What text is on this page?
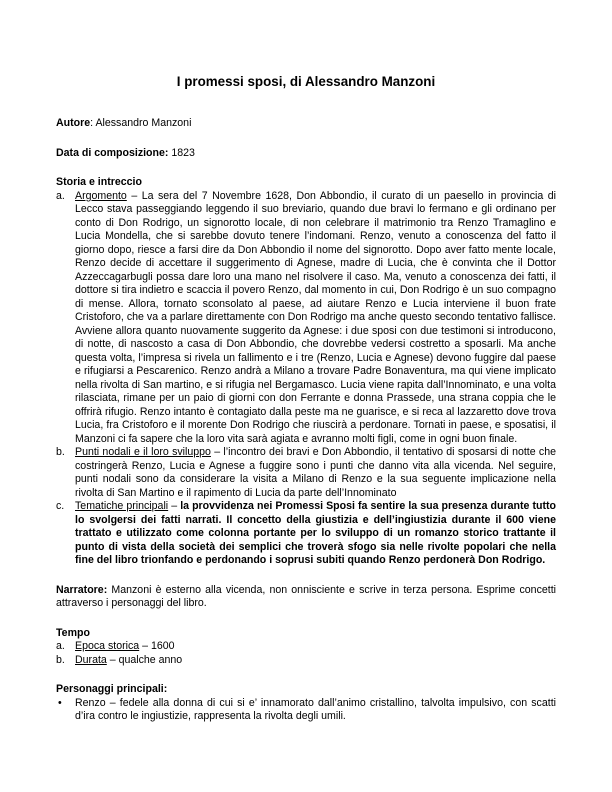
I promessi sposi, di Alessandro Manzoni
Autore: Alessandro Manzoni
Data di composizione: 1823
Storia e intreccio
a. Argomento – La sera del 7 Novembre 1628, Don Abbondio, il curato di un paesello in provincia di Lecco stava passeggiando leggendo il suo breviario, quando due bravi lo fermano e gli ordinano per conto di Don Rodrigo, un signorotto locale, di non celebrare il matrimonio tra Renzo Tramaglino e Lucia Mondella, che si sarebbe dovuto tenere l’indomani. Renzo, venuto a conoscenza del fatto il giorno dopo, riesce a farsi dire da Don Abbondio il nome del signorotto. Dopo aver fatto mente locale, Renzo decide di accettare il suggerimento di Agnese, madre di Lucia, che è convinta che il Dottor Azzeccagarbugli possa dare loro una mano nel risolvere il caso. Ma, venuto a conoscenza dei fatti, il dottore si tira indietro e scaccia il povero Renzo, dal momento in cui, Don Rodrigo è un suo compagno di mense. Allora, tornato sconsolato al paese, ad aiutare Renzo e Lucia interviene il buon frate Cristoforo, che va a parlare direttamente con Don Rodrigo ma anche questo secondo tentativo fallisce. Avviene allora quanto nuovamente suggerito da Agnese: i due sposi con due testimoni si introducono, di notte, di nascosto a casa di Don Abbondio, che dovrebbe vedersi costretto a sposarli. Ma anche questa volta, l’impresa si rivela un fallimento e i tre (Renzo, Lucia e Agnese) devono fuggire dal paese e rifugiarsi a Pescarenico. Renzo andrà a Milano a trovare Padre Bonaventura, ma qui viene implicato nella rivolta di San martino, e si rifugia nel Bergamasco. Lucia viene rapita dall’Innominato, e una volta rilasciata, rimane per un paio di giorni con don Ferrante e donna Prassede, una strana coppia che le offrirà rifugio. Renzo intanto è contagiato dalla peste ma ne guarisce, e si reca al lazzaretto dove trova Lucia, fra Cristoforo e il morente Don Rodrigo che riuscirà a perdonare. Tornati in paese, e sposatisi, il Manzoni ci fa sapere che la loro vita sarà agiata e avranno molti figli, come in ogni buon finale.
b. Punti nodali e il loro sviluppo – l’incontro dei bravi e Don Abbondio, il tentativo di sposarsi di notte che costringerà Renzo, Lucia e Agnese a fuggire sono i punti che danno vita alla vicenda. Nel seguire, punti nodali sono da considerare la visita a Milano di Renzo e la sua seguente implicazione nella rivolta di San Martino e il rapimento di Lucia da parte dell’Innominato
c. Tematiche principali – la provvidenza nei Promessi Sposi fa sentire la sua presenza durante tutto lo svolgersi dei fatti narrati. Il concetto della giustizia e dell’ingiustizia durante il 600 viene trattato e utilizzato come colonna portante per lo sviluppo di un romanzo storico trattante il punto di vista della società dei semplici che troverà sfogo sia nelle rivolte popolari che nella fine del libro trionfando e perdonando i soprusi subiti quando Renzo perdonerà Don Rodrigo.
Narratore: Manzoni è esterno alla vicenda, non onnisciente e scrive in terza persona. Esprime concetti attraverso i personaggi del libro.
Tempo
a. Epoca storica – 1600
b. Durata – qualche anno
Personaggi principali:
• Renzo – fedele alla donna di cui si e’ innamorato dall’animo cristallino, talvolta impulsivo, con scatti d’ira contro le ingiustizie, rappresenta la rivolta degli umili.
